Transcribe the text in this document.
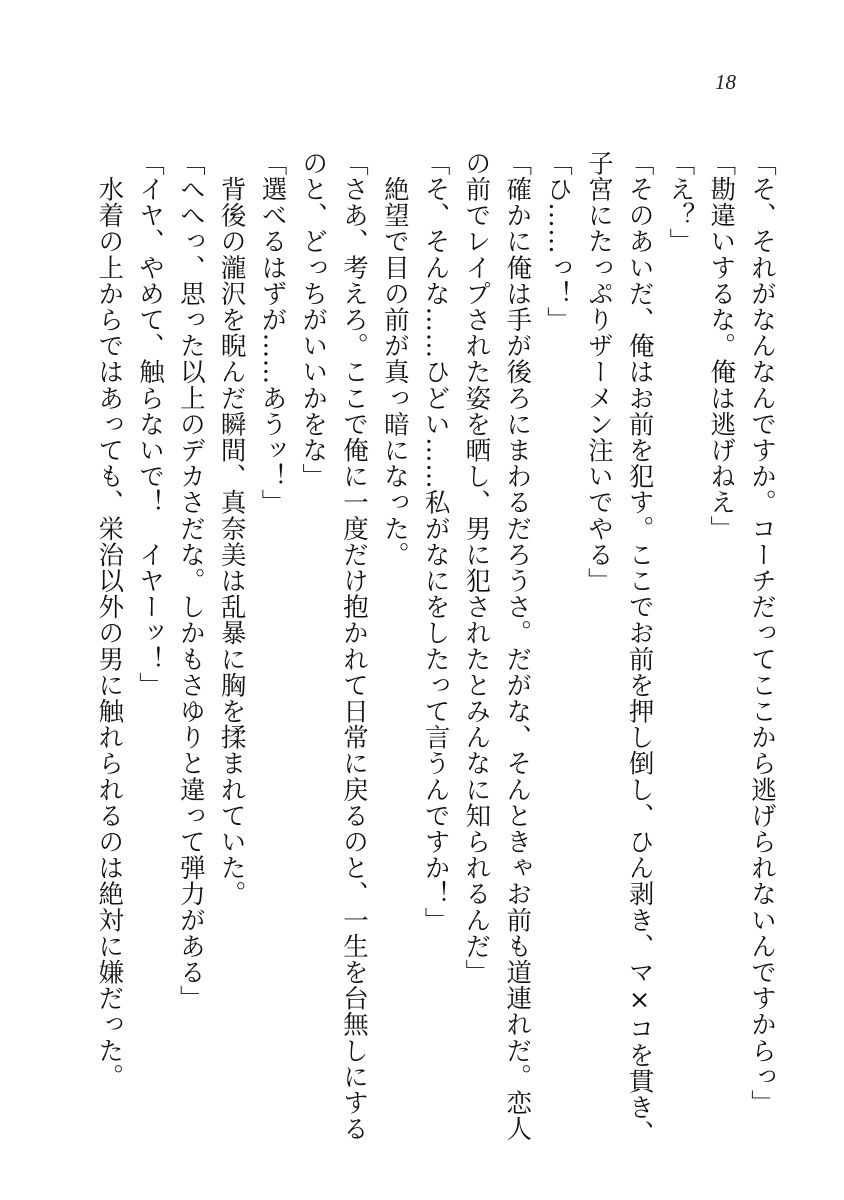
18

「そ、それがなんなんですか。コーチだってここから逃げられないんですからっ」

「勘違いするな。俺は逃げねえ」

「え？」

「そのあいだ、俺はお前を犯す。ここでお前を押し倒し、ひん剥き、マ×コを貫き、

子宮にたっぷりザーメン注いでやる」

「ひ……っ！」

「確かに俺は手が後ろにまわるだろうさ。だがな、そんときゃお前も道連れだ。恋人

の前でレイプされた姿を晒し、男に犯されたとみんなに知られるんだ」

「そ、そんな……ひどい……私がなにをしたって言うんですか！」

　絶望で目の前が真っ暗になった。

「さあ、考えろ。ここで俺に一度だけ抱かれて日常に戻るのと、一生を台無しにする

のと、どっちがいいかをな」

「選べるはずが……あうッ！」

　背後の瀧沢を睨んだ瞬間、真奈美は乱暴に胸を揉まれていた。

「へへっ、思った以上のデカさだな。しかもさゆりと違って弾力がある」

「イヤ、やめて、触らないで！　イヤーッ！」

　水着の上からではあっても、栄治以外の男に触れられるのは絶対に嫌だった。
